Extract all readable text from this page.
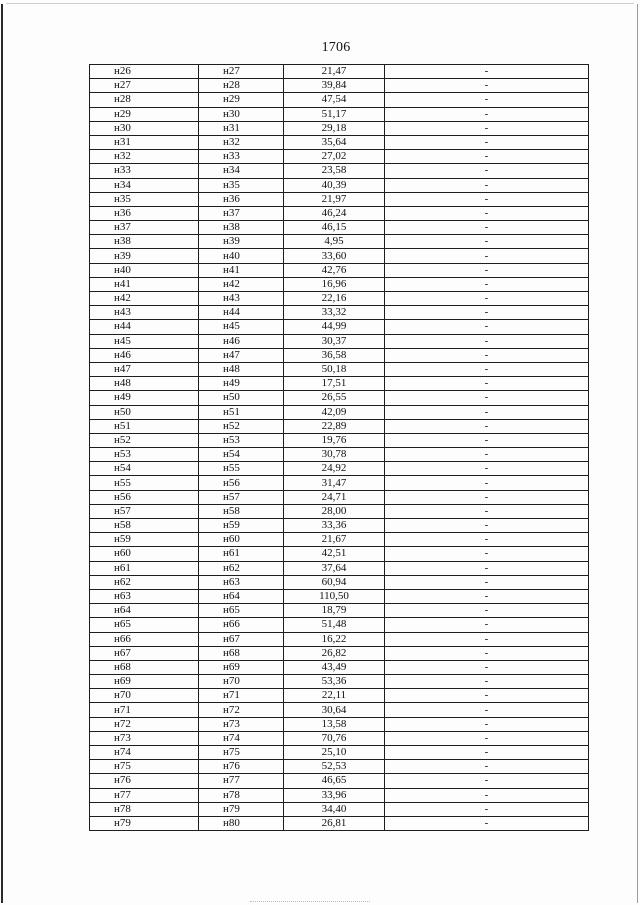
1706
н26	н27	21,47	-
н27	н28	39,84	-
н28	н29	47,54	-
н29	н30	51,17	-
н30	н31	29,18	-
н31	н32	35,64	-
н32	н33	27,02	-
н33	н34	23,58	-
н34	н35	40,39	-
н35	н36	21,97	-
н36	н37	46,24	-
н37	н38	46,15	-
н38	н39	4,95	-
н39	н40	33,60	-
н40	н41	42,76	-
н41	н42	16,96	-
н42	н43	22,16	-
н43	н44	33,32	-
н44	н45	44,99	-
н45	н46	30,37	-
н46	н47	36,58	-
н47	н48	50,18	-
н48	н49	17,51	-
н49	н50	26,55	-
н50	н51	42,09	-
н51	н52	22,89	-
н52	н53	19,76	-
н53	н54	30,78	-
н54	н55	24,92	-
н55	н56	31,47	-
н56	н57	24,71	-
н57	н58	28,00	-
н58	н59	33,36	-
н59	н60	21,67	-
н60	н61	42,51	-
н61	н62	37,64	-
н62	н63	60,94	-
н63	н64	110,50	-
н64	н65	18,79	-
н65	н66	51,48	-
н66	н67	16,22	-
н67	н68	26,82	-
н68	н69	43,49	-
н69	н70	53,36	-
н70	н71	22,11	-
н71	н72	30,64	-
н72	н73	13,58	-
н73	н74	70,76	-
н74	н75	25,10	-
н75	н76	52,53	-
н76	н77	46,65	-
н77	н78	33,96	-
н78	н79	34,40	-
н79	н80	26,81	-
